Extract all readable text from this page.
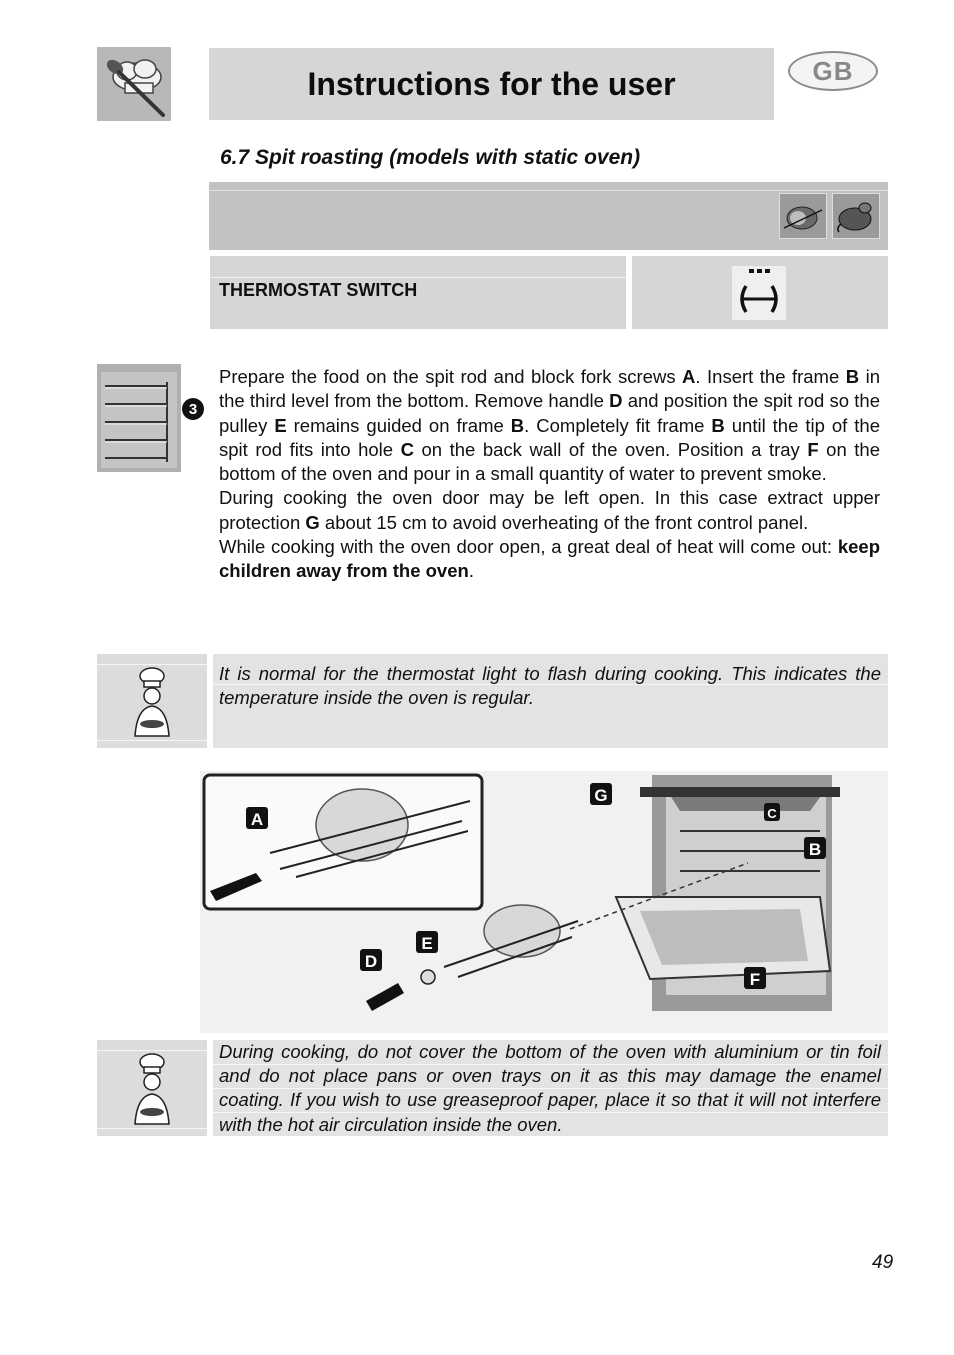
Instructions for the user	GB
6.7 Spit roasting (models with static oven)
THERMOSTAT SWITCH
3

Prepare the food on the spit rod and block fork screws A. Insert the frame B in the third level from the bottom. Remove handle D and position the spit rod so the pulley E remains guided on frame B. Completely fit frame B until the tip of the spit rod fits into hole C on the back wall of the oven. Position a tray F on the bottom of the oven and pour in a small quantity of water to prevent smoke.

During cooking the oven door may be left open. In this case extract upper protection G about 15 cm to avoid overheating of the front control panel.

While cooking with the oven door open, a great deal of heat will come out: keep children away from the oven.

It is normal for the thermostat light to flash during cooking. This indicates the temperature inside the oven is regular.

A
G
C
B
D
E
F

During cooking, do not cover the bottom of the oven with aluminium or tin foil and do not place pans or oven trays on it as this may damage the enamel coating. If you wish to use greaseproof paper, place it so that it will not interfere with the hot air circulation inside the oven.

49
